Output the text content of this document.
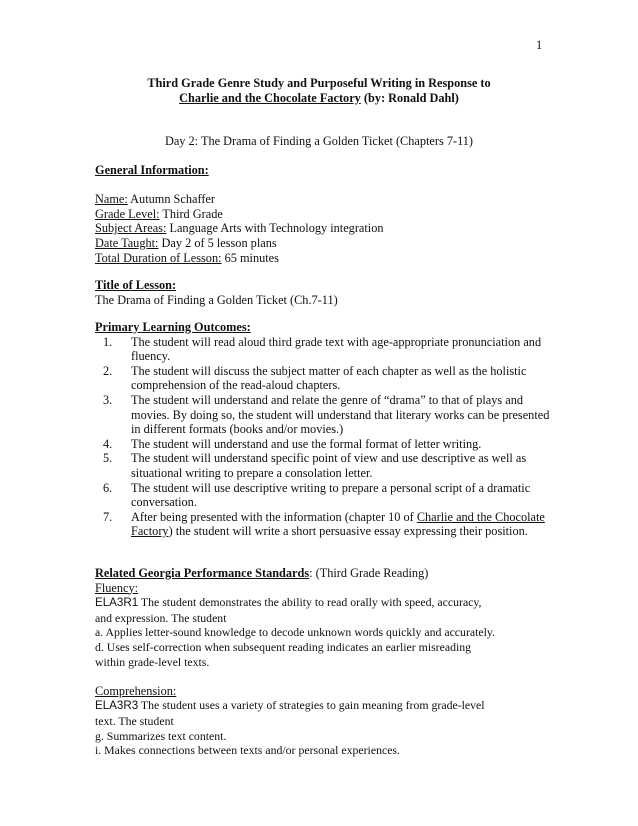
1
Third Grade Genre Study and Purposeful Writing in Response to
Charlie and the Chocolate Factory (by: Ronald Dahl)
Day 2: The Drama of Finding a Golden Ticket (Chapters 7-11)
General Information:
Name: Autumn Schaffer
Grade Level: Third Grade
Subject Areas: Language Arts with Technology integration
Date Taught: Day 2 of 5 lesson plans
Total Duration of Lesson: 65 minutes
Title of Lesson:
The Drama of Finding a Golden Ticket (Ch.7-11)
Primary Learning Outcomes:
1. The student will read aloud third grade text with age-appropriate pronunciation and fluency.
2. The student will discuss the subject matter of each chapter as well as the holistic comprehension of the read-aloud chapters.
3. The student will understand and relate the genre of “drama” to that of plays and movies. By doing so, the student will understand that literary works can be presented in different formats (books and/or movies.)
4. The student will understand and use the formal format of letter writing.
5. The student will understand specific point of view and use descriptive as well as situational writing to prepare a consolation letter.
6. The student will use descriptive writing to prepare a personal script of a dramatic conversation.
7. After being presented with the information (chapter 10 of Charlie and the Chocolate Factory) the student will write a short persuasive essay expressing their position.
Related Georgia Performance Standards: (Third Grade Reading)
Fluency:
ELA3R1 The student demonstrates the ability to read orally with speed, accuracy,
and expression. The student
a. Applies letter-sound knowledge to decode unknown words quickly and accurately.
d. Uses self-correction when subsequent reading indicates an earlier misreading
within grade-level texts.
Comprehension:
ELA3R3 The student uses a variety of strategies to gain meaning from grade-level
text. The student
g. Summarizes text content.
i. Makes connections between texts and/or personal experiences.
